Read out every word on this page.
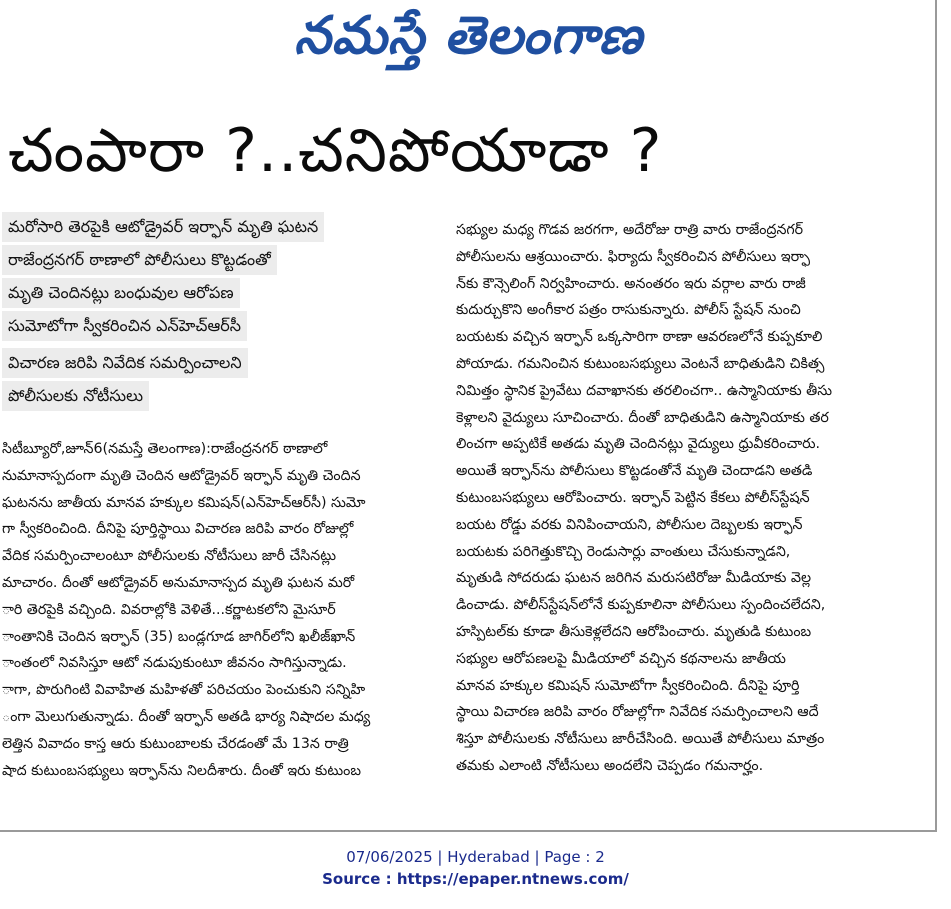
నమస్తే తెలంగాణ
చంపారా ?..చనిపోయాడా ?
మరోసారి తెరపైకి ఆటోడ్రైవర్ ఇర్ఫాన్ మృతి ఘటన
రాజేంద్రనగర్ ఠాణాలో పోలీసులు కొట్టడంతో
మృతి చెందినట్లు బంధువుల ఆరోపణ
సుమోటోగా స్వీకరించిన ఎన్‌హెచ్‌ఆర్‌సీ
విచారణ జరిపి నివేదిక సమర్పించాలని
పోలీసులకు నోటీసులు
సిటీబ్యూరో,జూన్6(నమస్తే తెలంగాణ):రాజేంద్రనగర్ ఠాణాలో
నుమానాస్పదంగా మృతి చెందిన ఆటోడ్రైవర్ ఇర్ఫాన్ మృతి చెందిన
ఘటనను జాతీయ మానవ హక్కుల కమిషన్(ఎన్‌హెచ్ఆర్‌సీ) సుమో
గా స్వీకరించింది. దీనిపై పూర్తిస్థాయి విచారణ జరిపి వారం రోజుల్లో
వేదిక సమర్పించాలంటూ పోలీసులకు నోటీసులు జారీ చేసినట్లు
మాచారం. దీంతో ఆటోడ్రైవర్ అనుమానాస్పద మృతి ఘటన మరో
ారి తెరపైకి వచ్చింది. వివరాల్లోకి వెళితే...కర్ణాటకలోని మైసూర్
ాంతానికి చెందిన ఇర్ఫాన్ (35) బండ్లగూడ జాగిర్‌లోని ఖలీజ్‌ఖాన్
ాంతంలో నివసిస్తూ ఆటో నడుపుకుంటూ జీవనం సాగిస్తున్నాడు.
ాగా, పొరుగింటి వివాహిత మహిళతో పరిచయం పెంచుకుని సన్నిహి
ంగా మెలుగుతున్నాడు. దీంతో ఇర్ఫాన్ అతడి భార్య నిషాదల మధ్య
లెత్తిన వివాదం కాస్త ఆరు కుటుంబాలకు చేరడంతో మే 13న రాత్రి
షాద కుటుంబసభ్యులు ఇర్ఫాన్‌ను నిలదీశారు. దీంతో ఇరు కుటుంబ
సభ్యుల మధ్య గొడవ జరగగా, అదేరోజు రాత్రి వారు రాజేంద్రనగర్
పోలీసులను ఆశ్రయించారు. ఫిర్యాదు స్వీకరించిన పోలీసులు ఇర్ఫా
న్‌కు కౌన్సెలింగ్ నిర్వహించారు. అనంతరం ఇరు వర్గాల వారు రాజీ
కుదుర్చుకొని అంగీకార పత్రం రాసుకున్నారు. పోలీస్ స్టేషన్ నుంచి
బయటకు వచ్చిన ఇర్ఫాన్ ఒక్కసారిగా ఠాణా ఆవరణలోనే కుప్పకూలి
పోయాడు. గమనించిన కుటుంబసభ్యులు వెంటనే బాధితుడిని చికిత్స
నిమిత్తం స్థానిక ప్రైవేటు దవాఖానకు తరలించగా.. ఉస్మానియాకు తీసు
కెళ్లాలని వైద్యులు సూచించారు. దీంతో బాధితుడిని ఉస్మానియాకు తర
లించగా అప్పటికే అతడు మృతి చెందినట్లు వైద్యులు ధ్రువీకరించారు.
అయితే ఇర్ఫాన్‌ను పోలీసులు కొట్టడంతోనే మృతి చెందాడని అతడి
కుటుంబసభ్యులు ఆరోపించారు. ఇర్ఫాన్ పెట్టిన కేకలు పోలీస్‌స్టేషన్
బయట రోడ్డు వరకు వినిపించాయని, పోలీసుల దెబ్బలకు ఇర్ఫాన్
బయటకు పరిగెత్తుకొచ్చి రెండుసార్లు వాంతులు చేసుకున్నాడని,
మృతుడి సోదరుడు ఘటన జరిగిన మరుసటిరోజు మీడియాకు వెల్ల
డించాడు. పోలీస్‌స్టేషన్‌లోనే కుప్పకూలినా పోలీసులు స్పందించలేదని,
హస్పిటల్‌కు కూడా తీసుకెళ్లలేదని ఆరోపించారు. మృతుడి కుటుంబ
సభ్యుల ఆరోపణలపై మీడియాలో వచ్చిన కథనాలను జాతీయ
మానవ హక్కుల కమిషన్ సుమోటోగా స్వీకరించింది. దీనిపై పూర్తి
స్థాయి విచారణ జరిపి వారం రోజుల్లోగా నివేదిక సమర్పించాలని ఆదే
శిస్తూ పోలీసులకు నోటీసులు జారీచేసింది. అయితే పోలీసులు మాత్రం
తమకు ఎలాంటి నోటీసులు అందలేని చెప్పడం గమనార్హం.
07/06/2025 | Hyderabad | Page : 2
Source : https://epaper.ntnews.com/
